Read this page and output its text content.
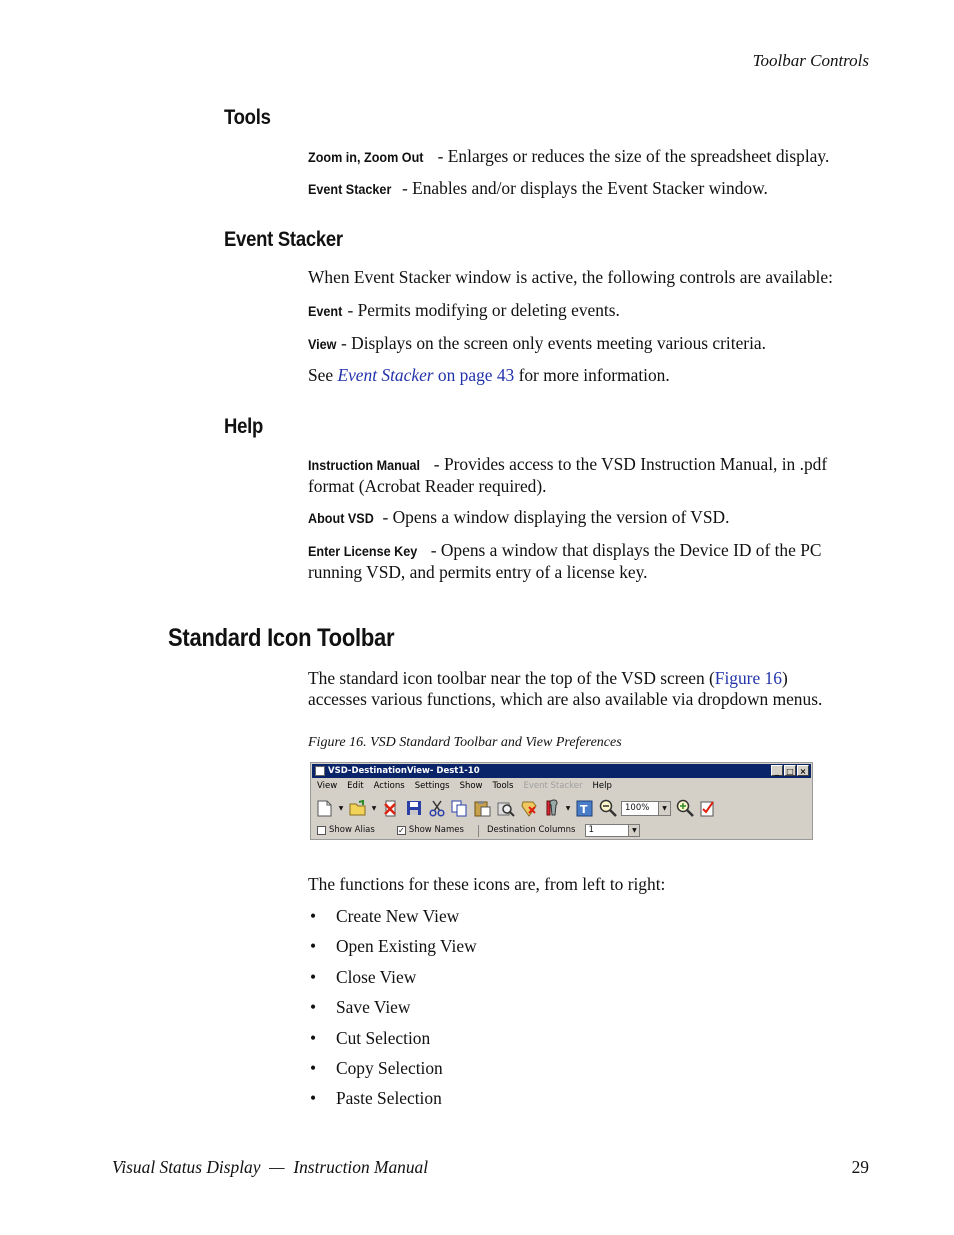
Toolbar Controls
Tools
Zoom in, Zoom Out - Enlarges or reduces the size of the spreadsheet display.
Event Stacker - Enables and/or displays the Event Stacker window.
Event Stacker
When Event Stacker window is active, the following controls are available:
Event - Permits modifying or deleting events.
View - Displays on the screen only events meeting various criteria.
See Event Stacker on page 43 for more information.
Help
Instruction Manual - Provides access to the VSD Instruction Manual, in .pdf
format (Acrobat Reader required).
About VSD - Opens a window displaying the version of VSD.
Enter License Key - Opens a window that displays the Device ID of the PC
running VSD, and permits entry of a license key.
Standard Icon Toolbar
The standard icon toolbar near the top of the VSD screen (Figure 16)
accesses various functions, which are also available via dropdown menus.
Figure 16. VSD Standard Toolbar and View Preferences
VSD-DestinationView- Dest1-10	_ □ ×
View Edit Actions Settings Show Tools Event Stacker Help
▼	▼	▼ T	100%	▼
Show Alias	✓ Show Names	Destination Columns	1	▼
The functions for these icons are, from left to right:
• Create New View
• Open Existing View
• Close View
• Save View
• Cut Selection
• Copy Selection
• Paste Selection
Visual Status Display  —  Instruction Manual	29
